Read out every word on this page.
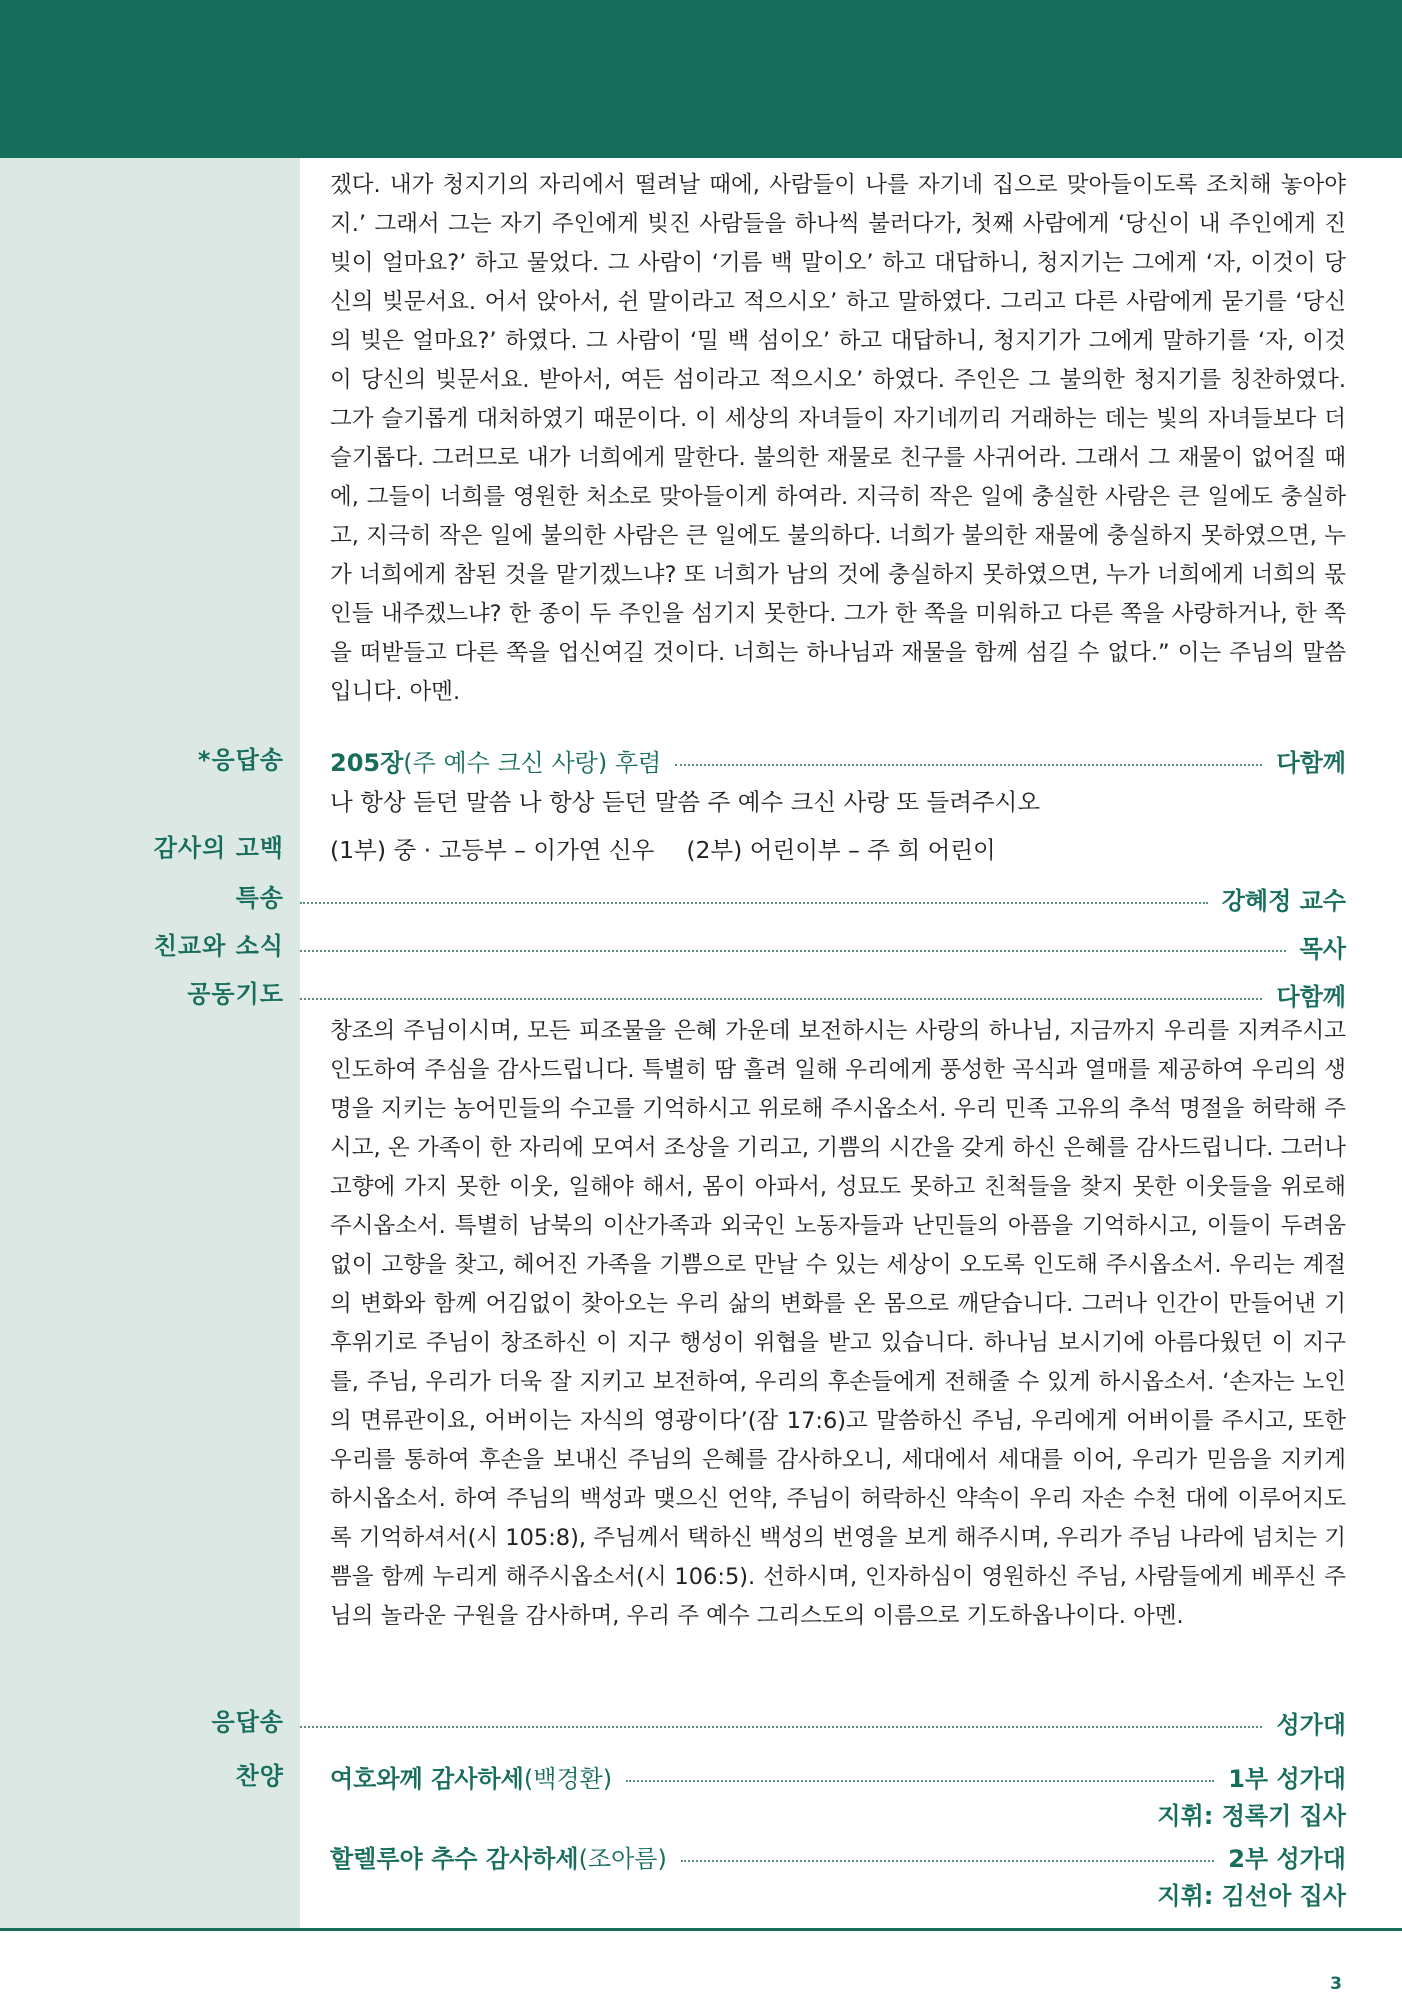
겠다. 내가 청지기의 자리에서 떨려날 때에, 사람들이 나를 자기네 집으로 맞아들이도록 조치해 놓아야지.’ 그래서 그는 자기 주인에게 빚진 사람들을 하나씩 불러다가, 첫째 사람에게 ‘당신이 내 주인에게 진 빚이 얼마요?’ 하고 물었다. 그 사람이 ‘기름 백 말이오’ 하고 대답하니, 청지기는 그에게 ‘자, 이것이 당신의 빚문서요. 어서 앉아서, 쉰 말이라고 적으시오’ 하고 말하였다. 그리고 다른 사람에게 묻기를 ‘당신의 빚은 얼마요?’ 하였다. 그 사람이 ‘밀 백 섬이오’ 하고 대답하니, 청지기가 그에게 말하기를 ‘자, 이것이 당신의 빚문서요. 받아서, 여든 섬이라고 적으시오’ 하였다. 주인은 그 불의한 청지기를 칭찬하였다. 그가 슬기롭게 대처하였기 때문이다. 이 세상의 자녀들이 자기네끼리 거래하는 데는 빛의 자녀들보다 더 슬기롭다. 그러므로 내가 너희에게 말한다. 불의한 재물로 친구를 사귀어라. 그래서 그 재물이 없어질 때에, 그들이 너희를 영원한 처소로 맞아들이게 하여라. 지극히 작은 일에 충실한 사람은 큰 일에도 충실하고, 지극히 작은 일에 불의한 사람은 큰 일에도 불의하다. 너희가 불의한 재물에 충실하지 못하였으면, 누가 너희에게 참된 것을 맡기겠느냐? 또 너희가 남의 것에 충실하지 못하였으면, 누가 너희에게 너희의 몫인들 내주겠느냐? 한 종이 두 주인을 섬기지 못한다. 그가 한 쪽을 미워하고 다른 쪽을 사랑하거나, 한 쪽을 떠받들고 다른 쪽을 업신여길 것이다. 너희는 하나님과 재물을 함께 섬길 수 없다.” 이는 주님의 말씀입니다. 아멘.
*응답송 205장 (주 예수 크신 사랑) 후렴	다함께
나 항상 듣던 말씀 나 항상 듣던 말씀 주 예수 크신 사랑 또 들려주시오
감사의 고백 (1부) 중 · 고등부 – 이가연 신우 (2부) 어린이부 – 주 희 어린이
특송	강혜정 교수
친교와 소식	목사
공동기도	다함께
창조의 주님이시며, 모든 피조물을 은혜 가운데 보전하시는 사랑의 하나님, 지금까지 우리를 지켜주시고 인도하여 주심을 감사드립니다. 특별히 땀 흘려 일해 우리에게 풍성한 곡식과 열매를 제공하여 우리의 생명을 지키는 농어민들의 수고를 기억하시고 위로해 주시옵소서. 우리 민족 고유의 추석 명절을 허락해 주시고, 온 가족이 한 자리에 모여서 조상을 기리고, 기쁨의 시간을 갖게 하신 은혜를 감사드립니다. 그러나 고향에 가지 못한 이웃, 일해야 해서, 몸이 아파서, 성묘도 못하고 친척들을 찾지 못한 이웃들을 위로해 주시옵소서. 특별히 남북의 이산가족과 외국인 노동자들과 난민들의 아픔을 기억하시고, 이들이 두려움 없이 고향을 찾고, 헤어진 가족을 기쁨으로 만날 수 있는 세상이 오도록 인도해 주시옵소서. 우리는 계절의 변화와 함께 어김없이 찾아오는 우리 삶의 변화를 온 몸으로 깨닫습니다. 그러나 인간이 만들어낸 기후위기로 주님이 창조하신 이 지구 행성이 위협을 받고 있습니다. 하나님 보시기에 아름다웠던 이 지구를, 주님, 우리가 더욱 잘 지키고 보전하여, 우리의 후손들에게 전해줄 수 있게 하시옵소서. ‘손자는 노인의 면류관이요, 어버이는 자식의 영광이다’(잠 17:6)고 말씀하신 주님, 우리에게 어버이를 주시고, 또한 우리를 통하여 후손을 보내신 주님의 은혜를 감사하오니, 세대에서 세대를 이어, 우리가 믿음을 지키게 하시옵소서. 하여 주님의 백성과 맺으신 언약, 주님이 허락하신 약속이 우리 자손 수천 대에 이루어지도록 기억하셔서(시 105:8), 주님께서 택하신 백성의 번영을 보게 해주시며, 우리가 주님 나라에 넘치는 기쁨을 함께 누리게 해주시옵소서(시 106:5). 선하시며, 인자하심이 영원하신 주님, 사람들에게 베푸신 주님의 놀라운 구원을 감사하며, 우리 주 예수 그리스도의 이름으로 기도하옵나이다. 아멘.
응답송	성가대
찬양 여호와께 감사하세 (백경환)	1부 성가대
지휘: 정록기 집사
할렐루야 추수 감사하세 (조아름)	2부 성가대
지휘: 김선아 집사
3
